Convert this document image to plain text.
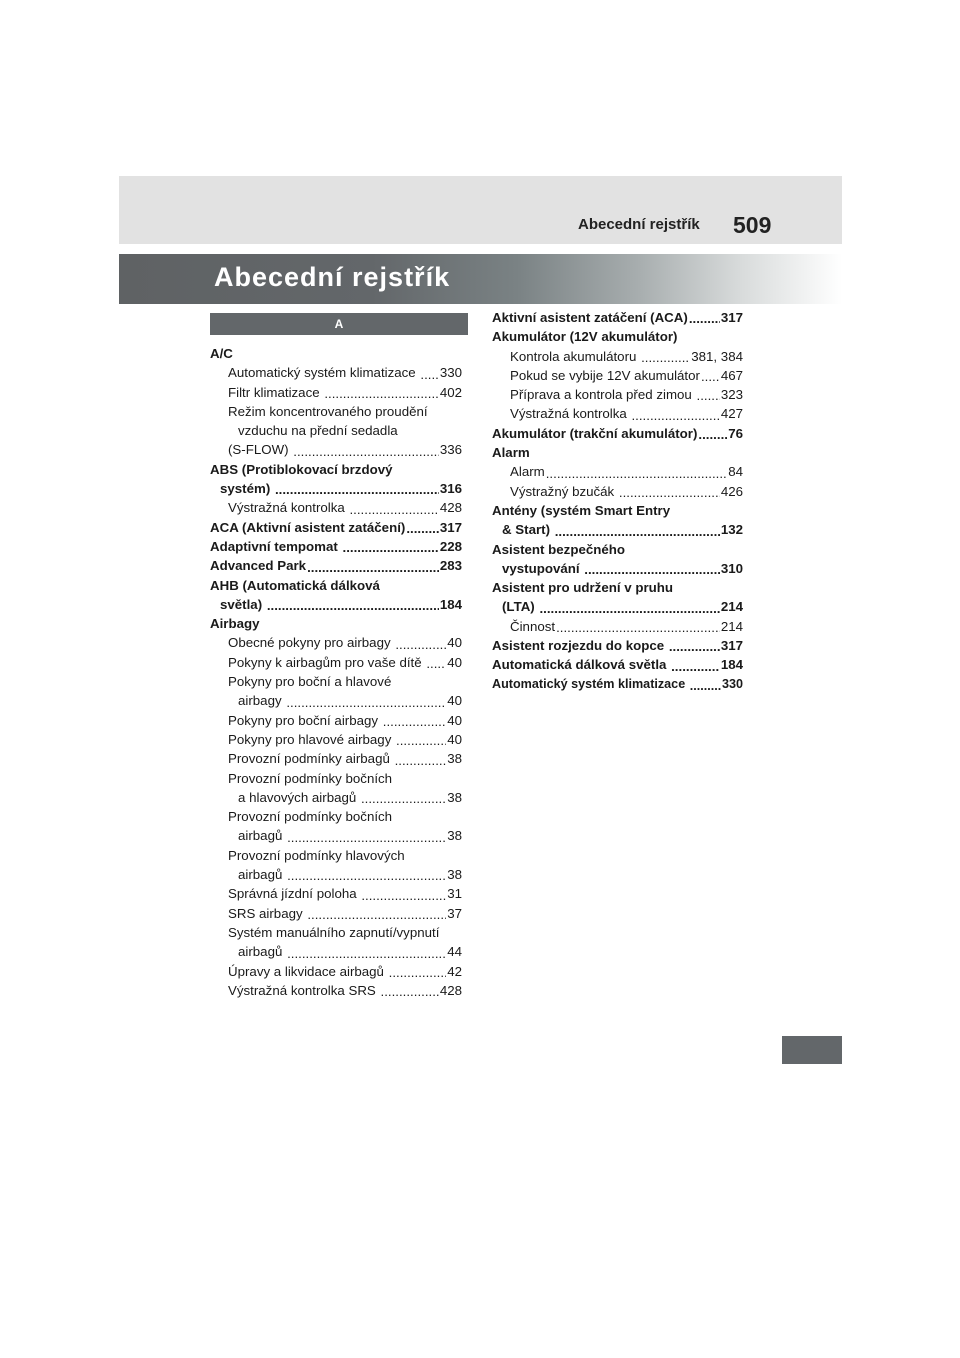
Abecední rejstřík 509
Abecední rejstřík
A
A/C
Automatický systém klimatizace ..... 330
Filtr klimatizace .....	402
Režim koncentrovaného proudění
vzduchu na přední sedadla
(S-FLOW) .....	336
ABS (Protiblokovací brzdový
systém) .....	316
Výstražná kontrolka .....	428
ACA (Aktivní asistent zatáčení) .....	317
Adaptivní tempomat .....	228
Advanced Park .....	283
AHB (Automatická dálková
světla) .....	184
Airbagy
Obecné pokyny pro airbagy .....	40
Pokyny k airbagům pro vaše dítě ..... 40
Pokyny pro boční a hlavové
airbagy .....	40
Pokyny pro boční airbagy .....	40
Pokyny pro hlavové airbagy .....	40
Provozní podmínky airbagů .....	38
Provozní podmínky bočních
a hlavových airbagů .....	38
Provozní podmínky bočních
airbagů .....	38
Provozní podmínky hlavových
airbagů .....	38
Správná jízdní poloha .....	31
SRS airbagy .....	37
Systém manuálního zapnutí/vypnutí
airbagů .....	44
Úpravy a likvidace airbagů .....	42
Výstražná kontrolka SRS .....	428
Aktivní asistent zatáčení (ACA) ..... 317
Akumulátor (12V akumulátor)
Kontrola akumulátoru .....	381, 384
Pokud se vybije 12V akumulátor ..... 467
Příprava a kontrola před zimou ..... 323
Výstražná kontrolka .....	427
Akumulátor (trakční akumulátor) ..... 76
Alarm
Alarm .....	84
Výstražný bzučák .....	426
Antény (systém Smart Entry
& Start) .....	132
Asistent bezpečného
vystupování .....	310
Asistent pro udržení v pruhu
(LTA) .....	214
Činnost .....	214
Asistent rozjezdu do kopce .....	317
Automatická dálková světla .....	184
Automatický systém klimatizace .....	330
